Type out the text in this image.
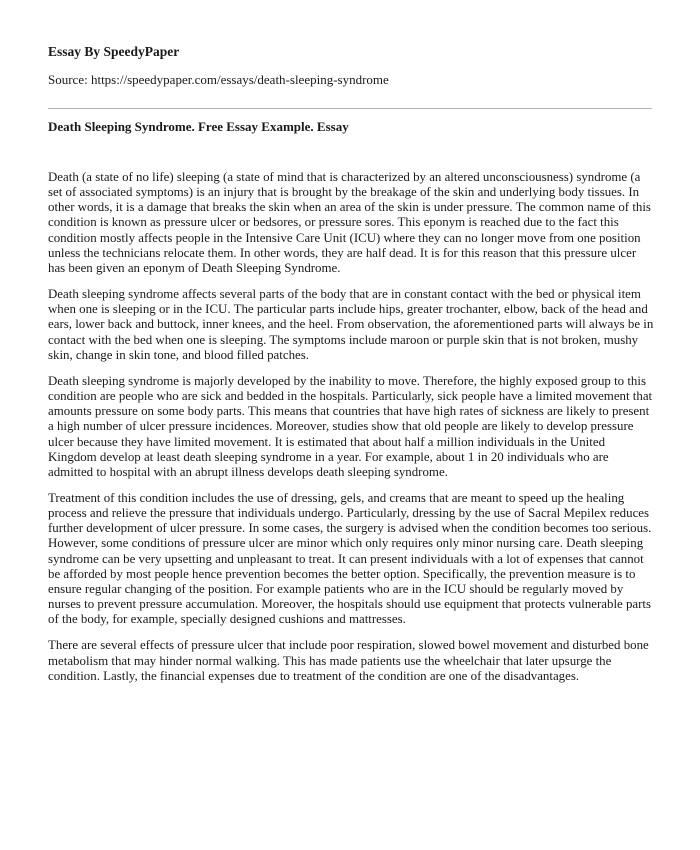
Essay By SpeedyPaper

Source: https://speedypaper.com/essays/death-sleeping-syndrome

Death Sleeping Syndrome. Free Essay Example. Essay

Death (a state of no life) sleeping (a state of mind that is characterized by an altered unconsciousness) syndrome (a set of associated symptoms) is an injury that is brought by the breakage of the skin and underlying body tissues. In other words, it is a damage that breaks the skin when an area of the skin is under pressure. The common name of this condition is known as pressure ulcer or bedsores, or pressure sores. This eponym is reached due to the fact this condition mostly affects people in the Intensive Care Unit (ICU) where they can no longer move from one position unless the technicians relocate them. In other words, they are half dead. It is for this reason that this pressure ulcer has been given an eponym of Death Sleeping Syndrome.

Death sleeping syndrome affects several parts of the body that are in constant contact with the bed or physical item when one is sleeping or in the ICU. The particular parts include hips, greater trochanter, elbow, back of the head and ears, lower back and buttock, inner knees, and the heel. From observation, the aforementioned parts will always be in contact with the bed when one is sleeping. The symptoms include maroon or purple skin that is not broken, mushy skin, change in skin tone, and blood filled patches.

Death sleeping syndrome is majorly developed by the inability to move. Therefore, the highly exposed group to this condition are people who are sick and bedded in the hospitals. Particularly, sick people have a limited movement that amounts pressure on some body parts. This means that countries that have high rates of sickness are likely to present a high number of ulcer pressure incidences. Moreover, studies show that old people are likely to develop pressure ulcer because they have limited movement. It is estimated that about half a million individuals in the United Kingdom develop at least death sleeping syndrome in a year. For example, about 1 in 20 individuals who are admitted to hospital with an abrupt illness develops death sleeping syndrome.

Treatment of this condition includes the use of dressing, gels, and creams that are meant to speed up the healing process and relieve the pressure that individuals undergo. Particularly, dressing by the use of Sacral Mepilex reduces further development of ulcer pressure. In some cases, the surgery is advised when the condition becomes too serious. However, some conditions of pressure ulcer are minor which only requires only minor nursing care. Death sleeping syndrome can be very upsetting and unpleasant to treat. It can present individuals with a lot of expenses that cannot be afforded by most people hence prevention becomes the better option. Specifically, the prevention measure is to ensure regular changing of the position. For example patients who are in the ICU should be regularly moved by nurses to prevent pressure accumulation. Moreover, the hospitals should use equipment that protects vulnerable parts of the body, for example, specially designed cushions and mattresses.

There are several effects of pressure ulcer that include poor respiration, slowed bowel movement and disturbed bone metabolism that may hinder normal walking. This has made patients use the wheelchair that later upsurge the condition. Lastly, the financial expenses due to treatment of the condition are one of the disadvantages.
